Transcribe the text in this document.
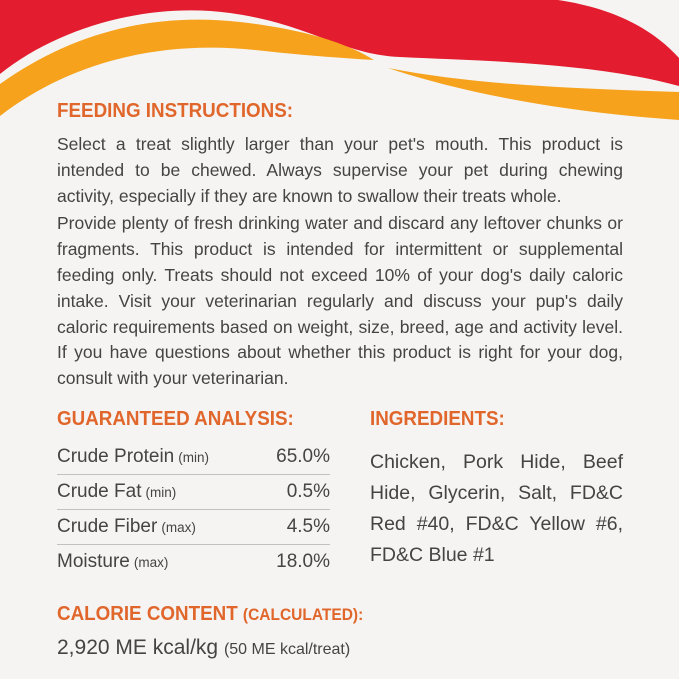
FEEDING INSTRUCTIONS:

Select a treat slightly larger than your pet's mouth. This product is intended to be chewed. Always supervise your pet during chewing activity, especially if they are known to swallow their treats whole.

Provide plenty of fresh drinking water and discard any leftover chunks or fragments. This product is intended for intermittent or supplemental feeding only. Treats should not exceed 10% of your dog's daily caloric intake. Visit your veterinarian regularly and discuss your pup's daily caloric requirements based on weight, size, breed, age and activity level. If you have questions about whether this product is right for your dog, consult with your veterinarian.

GUARANTEED ANALYSIS:
Crude Protein (min)	65.0%
Crude Fat (min)	0.5%
Crude Fiber (max)	4.5%
Moisture (max)	18.0%
INGREDIENTS:

Chicken, Pork Hide, Beef Hide, Glycerin, Salt, FD&C Red #40, FD&C Yellow #6, FD&C Blue #1

CALORIE CONTENT (CALCULATED):

2,920 ME kcal/kg (50 ME kcal/treat)
